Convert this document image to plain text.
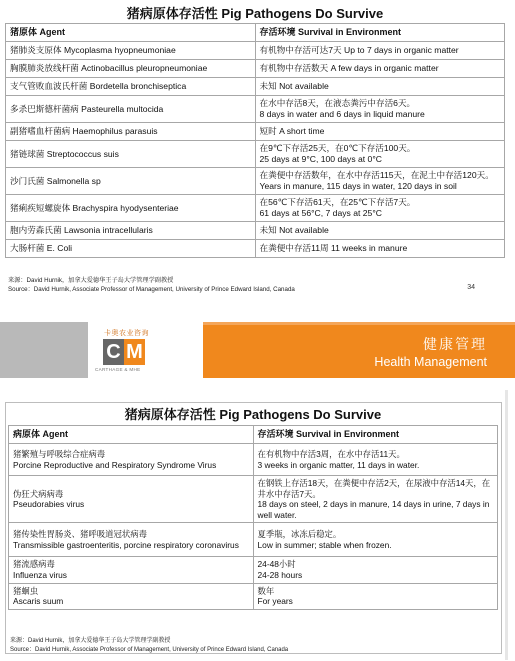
猪病原体存活性 Pig Pathogens Do Survive	
猪原体 Agent	存活环境 Survival in Environment
猪肺炎支原体 Mycoplasma hyopneumoniae	有机物中存活可达7天 Up to 7 days in organic matter
胸膜肺炎放线杆菌 Actinobacillus pleuropneumoniae	有机物中存活数天 A few days in organic matter
支气管败血波氏杆菌 Bordetella bronchiseptica	未知 Not available
多杀巴斯德杆菌病 Pasteurella multocida	在水中存活8天，在液态粪污中存活6天。
8 days in water and 6 days in liquid manure
副猪嗜血杆菌病 Haemophilus parasuis	短时 A short time
猪链球菌 Streptococcus suis	在9℃下存活25天，在0℃下存活100天。
25 days at 9°C, 100 days at 0°C
沙门氏菌 Salmonella sp	在粪便中存活数年，在水中存活115天，在泥土中存活120天。
Years in manure, 115 days in water, 120 days in soil
猪痢疾短螺旋体 Brachyspira hyodysenteriae	在56℃下存活61天，在25℃下存活7天。
61 days at 56°C, 7 days at 25°C
胞内劳森氏菌 Lawsonia intracellularis	未知 Not available
大肠杆菌 E. Coli	在粪便中存活11周 11 weeks in manure
来源：David Hurnik，加拿大爱德华王子岛大学管理学副教授
Source：David Hurnik, Associate Professor of Management, University of Prince Edward Island, Canada	34
卡奥农业咨询
C M
CARTHAGE & MHE
健康管理
Health Management
猪病原体存活性 Pig Pathogens Do Survive	
病原体 Agent	存活环境 Survival in Environment
猪繁殖与呼吸综合症病毒
Porcine Reproductive and Respiratory Syndrome Virus	在有机物中存活3周，在水中存活11天。
3 weeks in organic matter, 11 days in water.
伪狂犬病病毒
Pseudorabies virus	在钢铁上存活18天，在粪便中存活2天，在尿液中存活14天，在井水中存活7天。
18 days on steel, 2 days in manure, 14 days in urine, 7 days in well water.
猪传染性胃肠炎、猪呼吸道冠状病毒
Transmissible gastroenteritis, porcine respiratory coronavirus	夏季瓶，冰冻后稳定。
Low in summer; stable when frozen.
猪流感病毒
Influenza virus	24-48小时
24-28 hours
猪蛔虫
Ascaris suum	数年
For years
来源：David Hurnik，加拿大爱德华王子岛大学管理学副教授
Source：David Hurnik, Associate Professor of Management, University of Prince Edward Island, Canada
